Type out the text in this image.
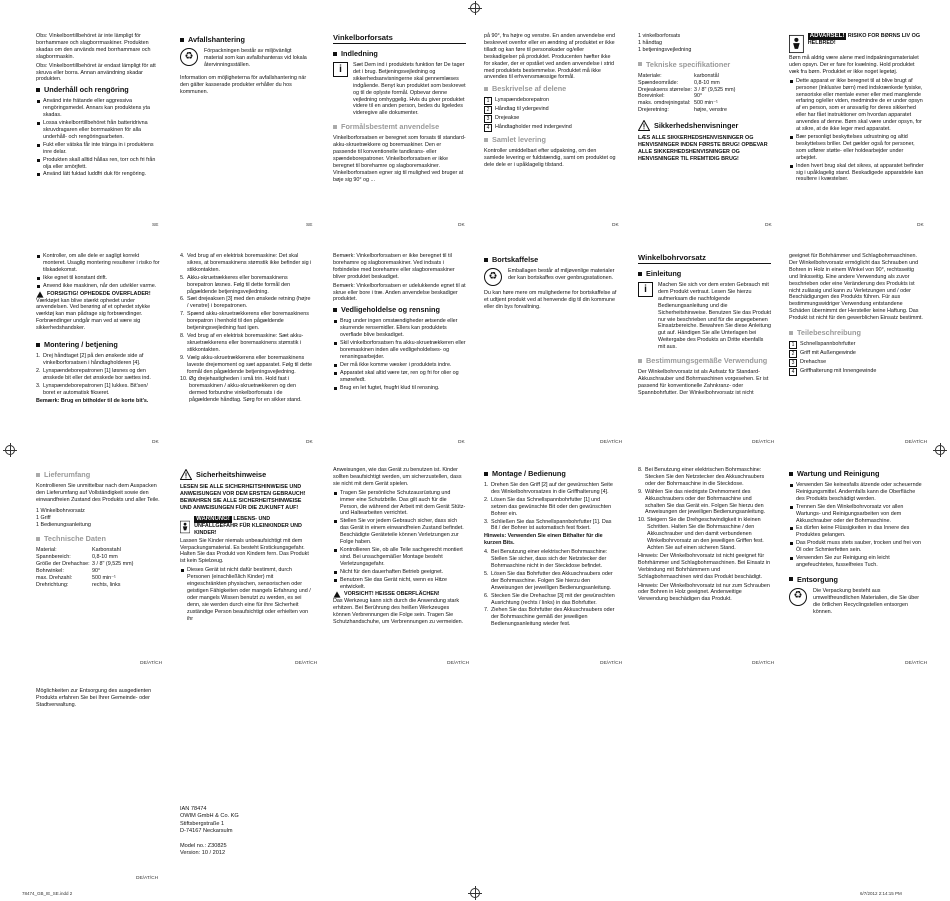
Obs: Vinkelborrtillbehöret är inte lämpligt för borrhammare och slagborrmaskiner. Produkten skadas om den används med borrhammare och slagborrmaskin.

Obs: Vinkelborrtillbehöret är endast lämpligt för att skruva eller borra. Annan användning skadar produkten.

Underhåll och rengöring
Använd inte frätande eller aggressiva rengöringsmedel. Annars kan produktens yta skadas.
Lossa vinkelborrtillbehöret från batteridrivna skruvdragaren eller borrmaskinen för alla underhåll- och rengöringsarbeten.
Fukt eller vätska får inte tränga in i produktens inre delar.
Produkten skall alltid hållas ren, torr och fri från olja eller smörjfett.
Använd lätt fuktad luddfri duk för rengöring.
Avfallshantering
♻	Förpackningen består av miljövänligt material som kan avfallshanteras vid lokala återvinningsställen.

Information om möjligheterna för avfallshantering när den gälter kasserade produkter erhåller du hos kommunen.

Vinkelborforsats
Indledning
i	Sæt Dem ind i produktets funktion før De tager det i brug. Betjeningsvejledning og sikkerhedsanvisningerne skal gennemlæses indgående. Benyt kun produktet som beskrevet og til de oplyste formål. Opbevar denne vejledning omhyggelig. Hvis du giver produktet videre til en anden person, bedes du ligeledes videregive alle dokumenter.

Formålsbestemt anvendelse

Vinkelborforsatsen er beregnet som forsats til standard-akku-skruetrækkere og boremaskiner. Den er passende til konventionelle tandkrans- eller spændeborepatroner. Vinkelborforsatsen er ikke beregnet til borehamre og slagboremaskiner. Vinkelborforsatsen egner sig til mulighed ved bruger at bøje sig 90° og ...

på 90°, fra højre og venstre. En anden anvendelse end beskrevet ovenfor eller en ændring af produktet er ikke tilladt og kan føre til personskader og/eller beskadigelser på produktet. Producenten hæfter ikke for skader, der er opstået ved anden anvendelse i strid med produktets bestemmelse. Produktet må ikke anvendes til erhvervsmæssige formål.

Beskrivelse af delene
1	Lynspændeborepatron
2	Håndtag til ydergevind
3	Drejeakse
4	Håndtagholder med indergevind
Samlet levering

Kontroller umiddelbart efter udpakning, om den samlede levering er fuldstændig, samt om produktet og dele dele er i upåklagelig tilstand.

1 vinkelborforsats
1 håndtag
1 betjeningsvejledning
Tekniske specifikationer
Materiale:	karbonstål
Spændeområde:	0,8-10 mm
Drejeaksens størrelse: 3 / 8" (9,525 mm)
Borevinkel:	90°
maks. omdrejningstal: 500 min⁻¹
Drejeretning:	højre, venstre
Sikkerhedshenvisninger

LÆS ALLE SIKKERHEDSHENVISNINGER OG HENVISNINGER INDEN FØRSTE BRUG! OPBEVAR ALLE SIKKERHEDSHENVISNINGER OG HENVISNINGER TIL FREMTIDIG BRUG!

ADVARSEL! RISIKO FOR BØRNS LIV OG HELBRED!

Børn må aldrig være alene med indpakningsmaterialet uden opsyn. Der er fare for kvælning. Hold produktet væk fra børn. Produktet er ikke noget legetøj.

Dette apparat er ikke beregnet til at blive brugt af personer (inklusive børn) med indskrænkede fysiske, sensoriske eller mentale evner eller med manglende erfaring og/eller viden, medmindre de er under opsyn af en person, som er ansvarlig for deres sikkerhed eller har fået instruktioner om hvordan apparatet anvendes af denne. Børn skal være under opsyn, for at sikre, at de ikke leger med apparatet.
Bær personligt beskyttelses udrustning og altid beskyttelses briller. Det gælder også for personer, som udfører støtte- eller holdearbejder under arbejdet.
Inden hvert brug skal det sikres, at apparatet befinder sig i upåklagelig stand. Beskadigede apparatdele kan resultere i kvæstelser.
SE	SE	DK	DK	DK	DK
Kontroller, om alle dele er sagligt korrekt monteret. Usaglig montering resulterer i risiko for tilskadekomst.
Ikke egnet til konstant drift.
Anvend ikke maskinen, når den udvikler varme.
FORSIGTIG! OPHEDEDE OVERFLADER!

Værktøjet kan blive stærkt ophedet under anvendelsen. Ved berøring af et ophedet stykke værktøj kan man pådrage sig forbrændinger. Forbrændinger undgår man ved at være sig sikkerhedshandsker.

Montering / betjening
1. Drej håndtaget [2] på den ønskede side af vinkelborforsatsen i håndtagholderen [4].
2. Lynspændeborepatronen [1] løsnes og den ønskede bit eller det ønskede bor sættes ind.
3. Lynspændeborepatronen [1] lukkes. Bit'sen/ boret er automatisk fikseret.

Bemærk: Brug en bitholder til de korte bit's.

4. Ved brug af en elektrisk boremaskine: Det skal sikres, at boremaskinens stømstik ikke befinder sig i stikkontakten.
5. Akku-skruetrækkeres eller boremaskinens borepatron løsnes. Følg til dette formål den pågældende betjeningsvejledning.
6. Sæt drejeaksen [3] med den ønskede retning (højre / venstre) i borepatronen.
7. Spænd akku-skruetrækkerens eller boremaskinens borepatron i henhold til den pågældende betjeningsvejledning fast igen.
8. Ved brug af en elektrisk boremaskine: Sæt akku-skruetrækkerens eller boremaskinens stømstik i stikkontakten.
9. Vælg akku-skruetrækkerens eller boremaskinens laveste drejemoment og sæt apparatet. Følg til dette formål den pågældende betjeningsvejledning.
10. Øg drejehastigheden i små trin. Hold fast i boremaskinen / akku-skruetrækkeren og den dermed forbundne vinkelborforsats i de pågældende håndtag. Sørg for en sikker stand.

Bemærk: Vinkelborforsatsen er ikke beregnet til til borehamre og slagboremaskiner. Ved indsats i forbindelse med borehamre eller slagboremaskiner bliver produktet beskadiget.

Bemærk: Vinkelborforsatsen er udelukkende egnet til at skrue eller bore i træ. Anden anvendelse beskadiger produktet.

Vedligeholdelse og rensning
Brug under ingen omstændigheder ætsende eller skurrende rensemidler. Ellers kan produktets overflade blive beskadiget.
Skil vinkelborforsatsen fra akku-skruetrækkeren eller boremaskinen inden alle vedligeholdelses- og rensningsarbejder.
Der må ikke komme væsker i produktets indre.
Apparatet skal altid være tør, ren og fri for olier og smørefedt.
Brug en let fugtet, fnugfri klud til rensning.
Bortskaffelse
♻	Emballagen består af miljøvenlige materialer der kan bortskaffes over genbrugsstationen.

Du kan høre mere om mulighederne for bortskaffelse af et udtjent produkt ved at henvende dig til din kommune eller din bys forvaltning.

Winkelbohrvorsatz
Einleitung
i	Machen Sie sich vor dem ersten Gebrauch mit dem Produkt vertraut. Lesen Sie hierzu aufmerksam die nachfolgende Bedienungsanleitung und die Sicherheitshinweise. Benutzen Sie das Produkt nur wie beschrieben und für die angegebenen Einsatzbereiche. Bewahren Sie diese Anleitung gut auf. Händigen Sie alle Unterlagen bei Weitergabe des Produkts an Dritte ebenfalls mit aus.

Bestimmungsgemäße Verwendung

Der Winkelbohrvorsatz ist als Aufsatz für Standard-Akkuschrauber und Bohrmaschinen vorgesehen. Er ist passend für konventionelle Zahnkranz- oder Spannbohrfutter. Der Winkelbohrvorsatz ist nicht

geeignet für Bohrhämmer und Schlagbohrmaschinen. Der Winkelbohrvorsatz ermöglicht das Schrauben und Bohren in Holz in einem Winkel von 90°, rechtsseitig und linksseitig. Eine andere Verwendung als zuvor beschrieben oder eine Veränderung des Produkts ist nicht zulässig und kann zu Verletzungen und / oder Beschädigungen des Produkts führen. Für aus bestimmungswidriger Verwendung entstandene Schäden übernimmt der Hersteller keine Haftung. Das Produkt ist nicht für den gewerblichen Einsatz bestimmt.

Teilebeschreibung
1	Schnellspannbohrfutter
2	Griff mit Außengewinde
3	Drehachse
4	Griffhalterung mit Innengewinde
DK	DK	DK	DE/AT/CH	DE/AT/CH	DE/AT/CH
Lieferumfang

Kontrollieren Sie unmittelbar nach dem Auspacken den Lieferumfang auf Vollständigkeit sowie den einwandfreien Zustand des Produkts und aller Teile.

1 Winkelbohrvorsatz
1 Griff
1 Bedienungsanleitung
Technische Daten
Material:	Karbonstahl
Spannbereich:	0,8-10 mm
Größe der Drehachse: 3 / 8" (9,525 mm)
Bohrwinkel:	90°
max. Drehzahl:	500 min⁻¹
Drehrichtung:	rechts, links
Sicherheitshinweise

LESEN SIE ALLE SICHERHEITSHINWEISE UND ANWEISUNGEN VOR DEM ERSTEN GEBRAUCH! BEWAHREN SIE ALLE SICHERHEITSHINWEISE UND ANWEISUNGEN FÜR DIE ZUKUNFT AUF!

WARNUNG! LEBENS- UND UNFALLGEFAHR FÜR KLEINKINDER UND KINDER!

Lassen Sie Kinder niemals unbeaufsichtigt mit dem Verpackungsmaterial. Es besteht Erstickungsgefahr. Halten Sie das Produkt von Kindern fern. Das Produkt ist kein Spielzeug.

Dieses Gerät ist nicht dafür bestimmt, durch Personen (einschließlich Kinder) mit eingeschränkten physischen, sensorischen oder geistigen Fähigkeiten oder mangels Erfahrung und / oder mangels Wissen benutzt zu werden, es sei denn, sie werden durch eine für ihre Sicherheit zuständige Person beaufsichtigt oder erhielten von ihr

Anweisungen, wie das Gerät zu benutzen ist. Kinder sollten beaufsichtigt werden, um sicherzustellen, dass sie nicht mit dem Gerät spielen.

Tragen Sie persönliche Schutzausrüstung und immer eine Schutzbrille. Das gilt auch für die Person, die während der Arbeit mit dem Gerät Stütz- und Haltearbeiten verrichtet.
Stellen Sie vor jedem Gebrauch sicher, dass sich das Gerät in einem einwandfreien Zustand befindet. Beschädigte Geräteteile können Verletzungen zur Folge haben.
Kontrollieren Sie, ob alle Teile sachgerecht montiert sind. Bei unsachgemäßer Montage besteht Verletzungsgefahr.
Nicht für den dauerhaften Betrieb geeignet.
Benutzen Sie das Gerät nicht, wenn es Hitze entwickelt.
VORSICHT! HEISSE OBERFLÄCHEN!

Das Werkzeug kann sich durch die Anwendung stark erhitzen. Bei Berührung des heißen Werkzeuges können Verbrennungen die Folge sein. Tragen Sie Schutzhandschuhe, um Verbrennungen zu vermeiden.

Montage / Bedienung
1. Drehen Sie den Griff [2] auf der gewünschten Seite des Winkelbohrvorsatzes in die Griffhalterung [4].
2. Lösen Sie das Schnellspannbohrfutter [1] und setzen das gewünschte Bit oder den gewünschten Bohrer ein.
3. Schließen Sie das Schnellspannbohrfutter [1]. Das Bit / der Bohrer ist automatisch fest fixiert.

Hinweis: Verwenden Sie einen Bithalter für die kurzen Bits.

4. Bei Benutzung einer elektrischen Bohrmaschine: Stellen Sie sicher, dass sich der Netzstecker der Bohrmaschine nicht in der Steckdose befindet.
5. Lösen Sie das Bohrfutter des Akkuschraubers oder der Bohrmaschine. Folgen Sie hierzu den Anweisungen der jeweiligen Bedienungsanleitung.
6. Stecken Sie die Drehachse [3] mit der gewünschten Ausrichtung (rechts / links) in das Bohrfutter.
7. Ziehen Sie das Bohrfutter des Akkuschraubers oder der Bohrmaschine gemäß der jeweiligen Bedienungsanleitung wieder fest.
8. Bei Benutzung einer elektrischen Bohrmaschine: Stecken Sie den Netzstecker des Akkuschraubers oder der Bohrmaschine in die Steckdose.
9. Wählen Sie das niedrigste Drehmoment des Akkuschraubers oder der Bohrmaschine und schalten Sie das Gerät ein. Folgen Sie hierzu den Anweisungen der jeweiligen Bedienungsanleitung.
10. Steigern Sie die Drehgeschwindigkeit in kleinen Schritten. Halten Sie die Bohrmaschine / den Akkuschrauber und den damit verbundenen Winkelbohrvorsatz an den jeweiligen Griffen fest. Achten Sie auf einen sicheren Stand.

Hinweis: Der Winkelbohrvorsatz ist nicht geeignet für Bohrhämmer und Schlagbohrmaschinen. Bei Einsatz in Verbindung mit Bohrhämmern und Schlagbohrmaschinen wird das Produkt beschädigt.

Hinweis: Der Winkelbohrvorsatz ist nur zum Schrauben oder Bohren in Holz geeignet. Anderweitige Verwendung beschädigen das Produkt.

Wartung und Reinigung
Verwenden Sie keinesfalls ätzende oder scheuernde Reinigungsmittel. Andernfalls kann die Oberfläche des Produkts beschädigt werden.
Trennen Sie den Winkelbohrvorsatz vor allen Wartungs- und Reinigungsarbeiten von dem Akkuschrauber oder der Bohrmaschine.
Es dürfen keine Flüssigkeiten in das Innere des Produktes gelangen.
Das Produkt muss stets sauber, trocken und frei von Öl oder Schmierfetten sein.
Verwenden Sie zur Reinigung ein leicht angefeuchtetes, fusselfreies Tuch.
Entsorgung
♻	Die Verpackung besteht aus umweltfreundlichen Materialien, die Sie über die örtlichen Recyclingstellen entsorgen können.

DE/AT/CH	DE/AT/CH	DE/AT/CH	DE/AT/CH	DE/AT/CH	DE/AT/CH

Möglichkeiten zur Entsorgung des ausgedienten Produkts erfahren Sie bei Ihrer Gemeinde- oder Stadtverwaltung.

IAN 78474
OWIM GmbH & Co. KG
Stiftsbergstraße 1
D-74167 Neckarsulm
Model no.: Z30825
Version: 10 / 2012
DE/AT/CH
78474_GB_IE_SE.indd 2	6/7/2012 2:14:15 PM
